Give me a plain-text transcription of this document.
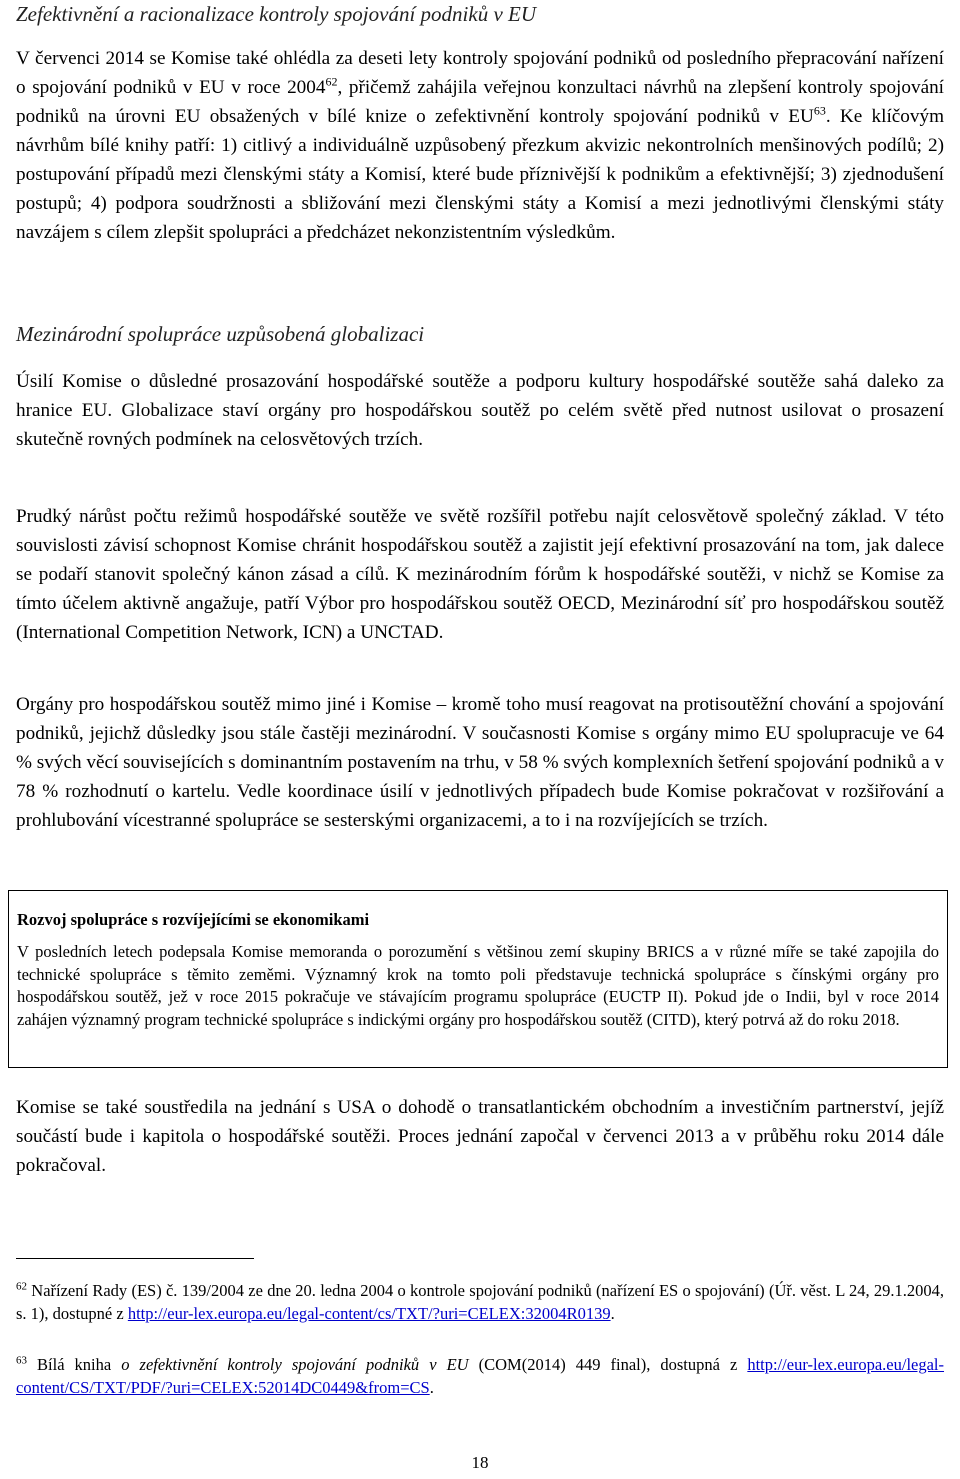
Zefektivnění a racionalizace kontroly spojování podniků v EU

V červenci 2014 se Komise také ohlédla za deseti lety kontroly spojování podniků od posledního přepracování nařízení o spojování podniků v EU v roce 2004$^{62}$, přičemž zahájila veřejnou konzultaci návrhů na zlepšení kontroly spojování podniků na úrovni EU obsažených v bílé knize o zefektivnění kontroly spojování podniků v EU$^{63}$. Ke klíčovým návrhům bílé knihy patří: 1) citlivý a individuálně uzpůsobený přezkum akvizic nekontrolních menšinových podílů; 2) postupování případů mezi členskými státy a Komisí, které bude příznivější k podnikům a efektivnější; 3) zjednodušení postupů; 4) podpora soudržnosti a sbližování mezi členskými státy a Komisí a mezi jednotlivými členskými státy navzájem s cílem zlepšit spolupráci a předcházet nekonzistentním výsledkům.

Mezinárodní spolupráce uzpůsobená globalizaci

Úsilí Komise o důsledné prosazování hospodářské soutěže a podporu kultury hospodářské soutěže sahá daleko za hranice EU. Globalizace staví orgány pro hospodářskou soutěž po celém světě před nutnost usilovat o prosazení skutečně rovných podmínek na celosvětových trzích.

Prudký nárůst počtu režimů hospodářské soutěže ve světě rozšířil potřebu najít celosvětově společný základ. V této souvislosti závisí schopnost Komise chránit hospodářskou soutěž a zajistit její efektivní prosazování na tom, jak dalece se podaří stanovit společný kánon zásad a cílů. K mezinárodním fórům k hospodářské soutěži, v nichž se Komise za tímto účelem aktivně angažuje, patří Výbor pro hospodářskou soutěž OECD, Mezinárodní síť pro hospodářskou soutěž (International Competition Network, ICN) a UNCTAD.

Orgány pro hospodářskou soutěž mimo jiné i Komise – kromě toho musí reagovat na protisoutěžní chování a spojování podniků, jejichž důsledky jsou stále častěji mezinárodní. V současnosti Komise s orgány mimo EU spolupracuje ve 64 % svých věcí souvisejících s dominantním postavením na trhu, v 58 % svých komplexních šetření spojování podniků a v 78 % rozhodnutí o kartelu. Vedle koordinace úsilí v jednotlivých případech bude Komise pokračovat v rozšiřování a prohlubování vícestranné spolupráce se sesterskými organizacemi, a to i na rozvíjejících se trzích.

Rozvoj spolupráce s rozvíjejícími se ekonomikami

V posledních letech podepsala Komise memoranda o porozumění s většinou zemí skupiny BRICS a v různé míře se také zapojila do technické spolupráce s těmito zeměmi. Významný krok na tomto poli představuje technická spolupráce s čínskými orgány pro hospodářskou soutěž, jež v roce 2015 pokračuje ve stávajícím programu spolupráce (EUCTP II). Pokud jde o Indii, byl v roce 2014 zahájen významný program technické spolupráce s indickými orgány pro hospodářskou soutěž (CITD), který potrvá až do roku 2018.

Komise se také soustředila na jednání s USA o dohodě o transatlantickém obchodním a investičním partnerství, jejíž součástí bude i kapitola o hospodářské soutěži. Proces jednání započal v červenci 2013 a v průběhu roku 2014 dále pokračoval.

$^{62}$ Nařízení Rady (ES) č. 139/2004 ze dne 20. ledna 2004 o kontrole spojování podniků (nařízení ES o spojování) (Úř. věst. L 24, 29.1.2004, s. 1), dostupné z http://eur-lex.europa.eu/legal-content/cs/TXT/?uri=CELEX:32004R0139.

$^{63}$ Bílá kniha o zefektivnění kontroly spojování podniků v EU (COM(2014) 449 final), dostupná z http://eur-lex.europa.eu/legal-content/CS/TXT/PDF/?uri=CELEX:52014DC0449&from=CS.

18
